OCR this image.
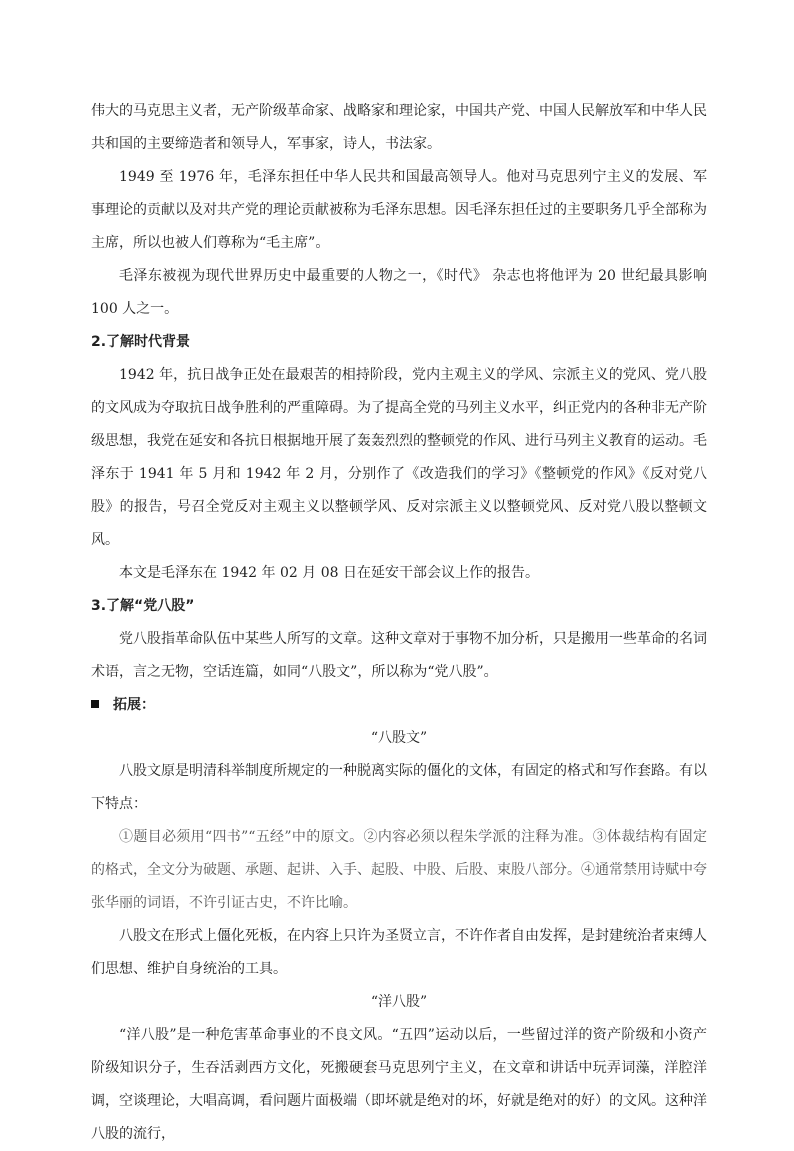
伟大的马克思主义者，无产阶级革命家、战略家和理论家，中国共产党、中国人民解放军和中华人民共和国的主要缔造者和领导人，军事家，诗人，书法家。

1949 至 1976 年，毛泽东担任中华人民共和国最高领导人。他对马克思列宁主义的发展、军事理论的贡献以及对共产党的理论贡献被称为毛泽东思想。因毛泽东担任过的主要职务几乎全部称为主席，所以也被人们尊称为“毛主席”。

毛泽东被视为现代世界历史中最重要的人物之一，《时代》 杂志也将他评为 20 世纪最具影响 100 人之一。

2.了解时代背景

1942 年，抗日战争正处在最艰苦的相持阶段，党内主观主义的学风、宗派主义的党风、党八股的文风成为夺取抗日战争胜利的严重障碍。为了提高全党的马列主义水平，纠正党内的各种非无产阶级思想，我党在延安和各抗日根据地开展了轰轰烈烈的整顿党的作风、进行马列主义教育的运动。毛泽东于 1941 年 5 月和 1942 年 2 月，分别作了《改造我们的学习》《整顿党的作风》《反对党八股》的报告，号召全党反对主观主义以整顿学风、反对宗派主义以整顿党风、反对党八股以整顿文风。

本文是毛泽东在 1942 年 02 月 08 日在延安干部会议上作的报告。

3.了解“党八股”

党八股指革命队伍中某些人所写的文章。这种文章对于事物不加分析，只是搬用一些革命的名词术语，言之无物，空话连篇，如同“八股文”，所以称为“党八股”。

拓展：

“八股文”

八股文原是明清科举制度所规定的一种脱离实际的僵化的文体，有固定的格式和写作套路。有以下特点：

①题目必须用“四书”“五经”中的原文。②内容必须以程朱学派的注释为准。③体裁结构有固定的格式，全文分为破题、承题、起讲、入手、起股、中股、后股、束股八部分。④通常禁用诗赋中夸张华丽的词语，不许引证古史，不许比喻。

八股文在形式上僵化死板，在内容上只许为圣贤立言，不许作者自由发挥，是封建统治者束缚人们思想、维护自身统治的工具。

“洋八股”

“洋八股”是一种危害革命事业的不良文风。“五四”运动以后，一些留过洋的资产阶级和小资产阶级知识分子，生吞活剥西方文化，死搬硬套马克思列宁主义，在文章和讲话中玩弄词藻，洋腔洋调，空谈理论，大唱高调，看问题片面极端（即坏就是绝对的坏，好就是绝对的好）的文风。这种洋八股的流行，
